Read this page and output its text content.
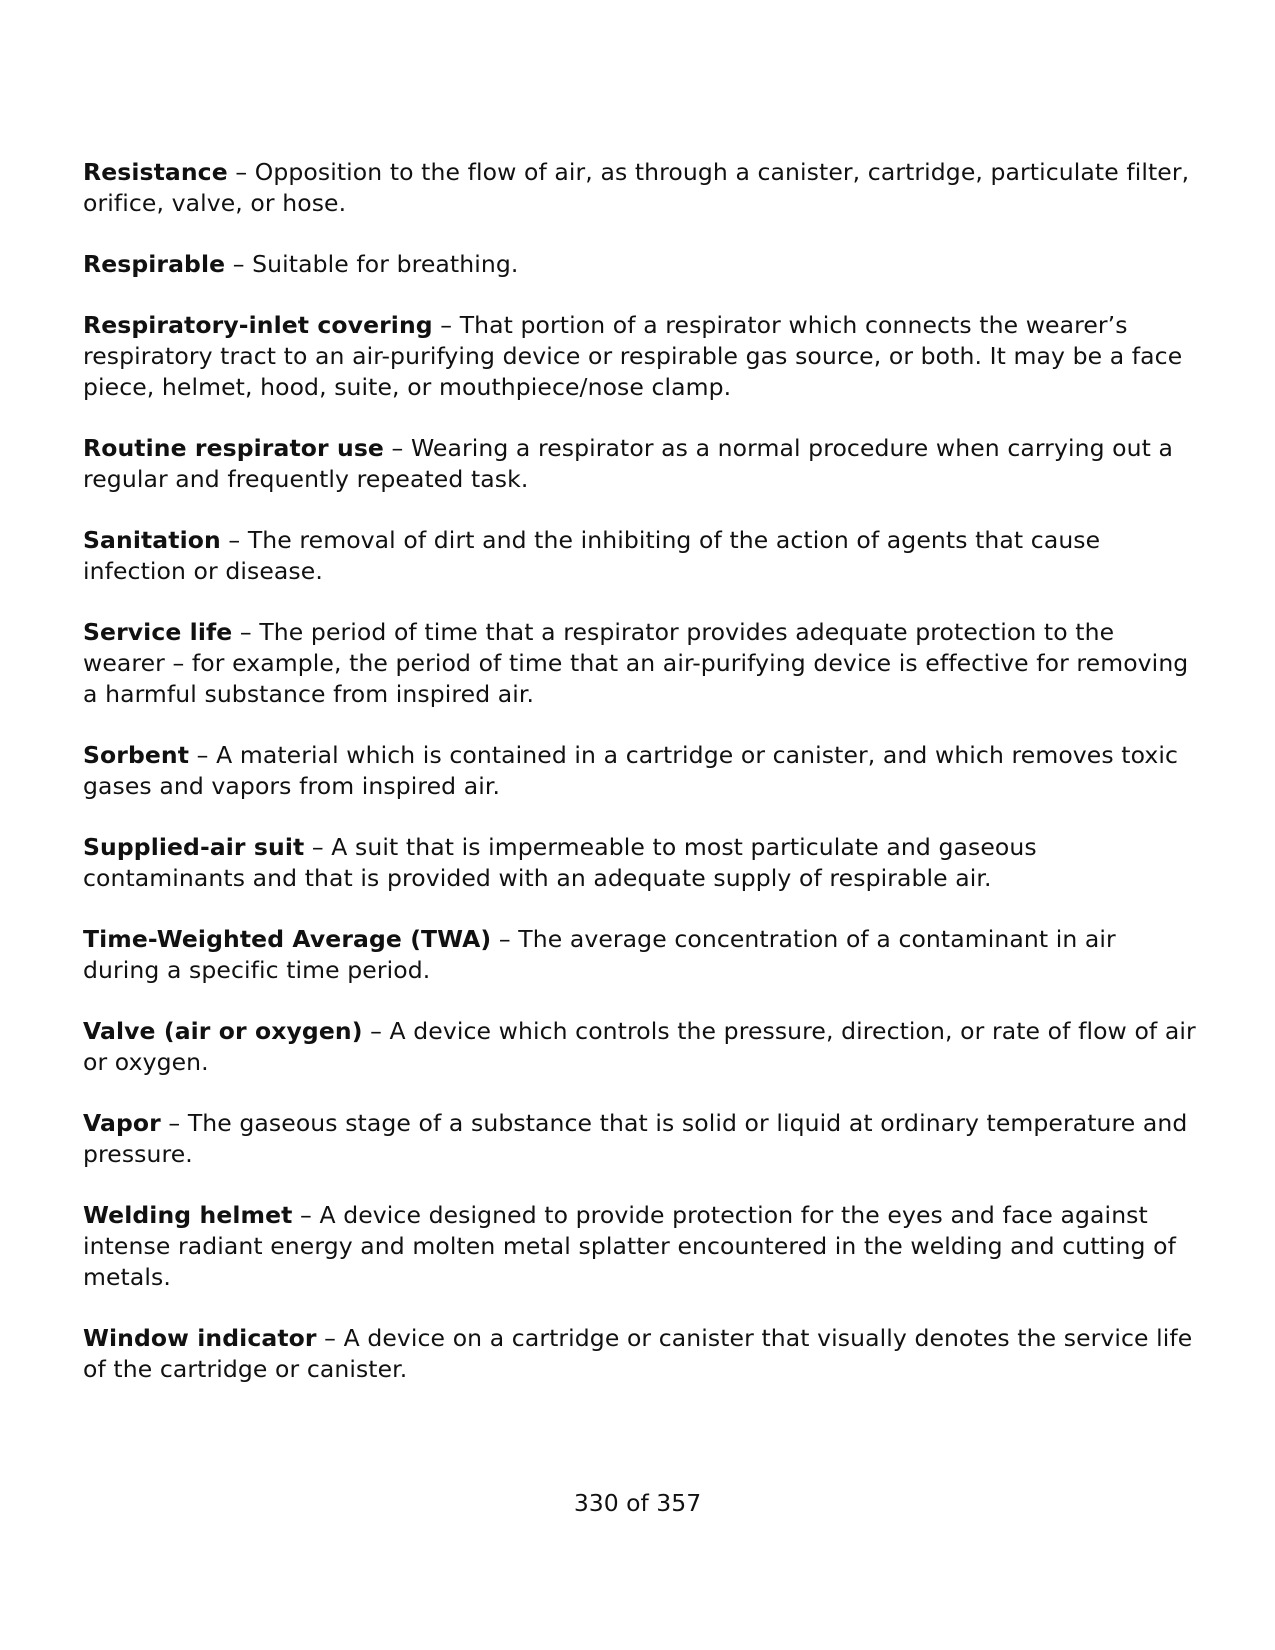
Resistance – Opposition to the flow of air, as through a canister, cartridge, particulate filter, orifice, valve, or hose.

Respirable – Suitable for breathing.

Respiratory-inlet covering – That portion of a respirator which connects the wearer’s respiratory tract to an air-purifying device or respirable gas source, or both. It may be a face piece, helmet, hood, suite, or mouthpiece/nose clamp.

Routine respirator use – Wearing a respirator as a normal procedure when carrying out a regular and frequently repeated task.

Sanitation – The removal of dirt and the inhibiting of the action of agents that cause infection or disease.

Service life – The period of time that a respirator provides adequate protection to the wearer – for example, the period of time that an air-purifying device is effective for removing a harmful substance from inspired air.

Sorbent – A material which is contained in a cartridge or canister, and which removes toxic gases and vapors from inspired air.

Supplied-air suit – A suit that is impermeable to most particulate and gaseous contaminants and that is provided with an adequate supply of respirable air.

Time-Weighted Average (TWA) – The average concentration of a contaminant in air during a specific time period.

Valve (air or oxygen) – A device which controls the pressure, direction, or rate of flow of air or oxygen.

Vapor – The gaseous stage of a substance that is solid or liquid at ordinary temperature and pressure.

Welding helmet – A device designed to provide protection for the eyes and face against intense radiant energy and molten metal splatter encountered in the welding and cutting of metals.

Window indicator – A device on a cartridge or canister that visually denotes the service life of the cartridge or canister.

330 of 357
